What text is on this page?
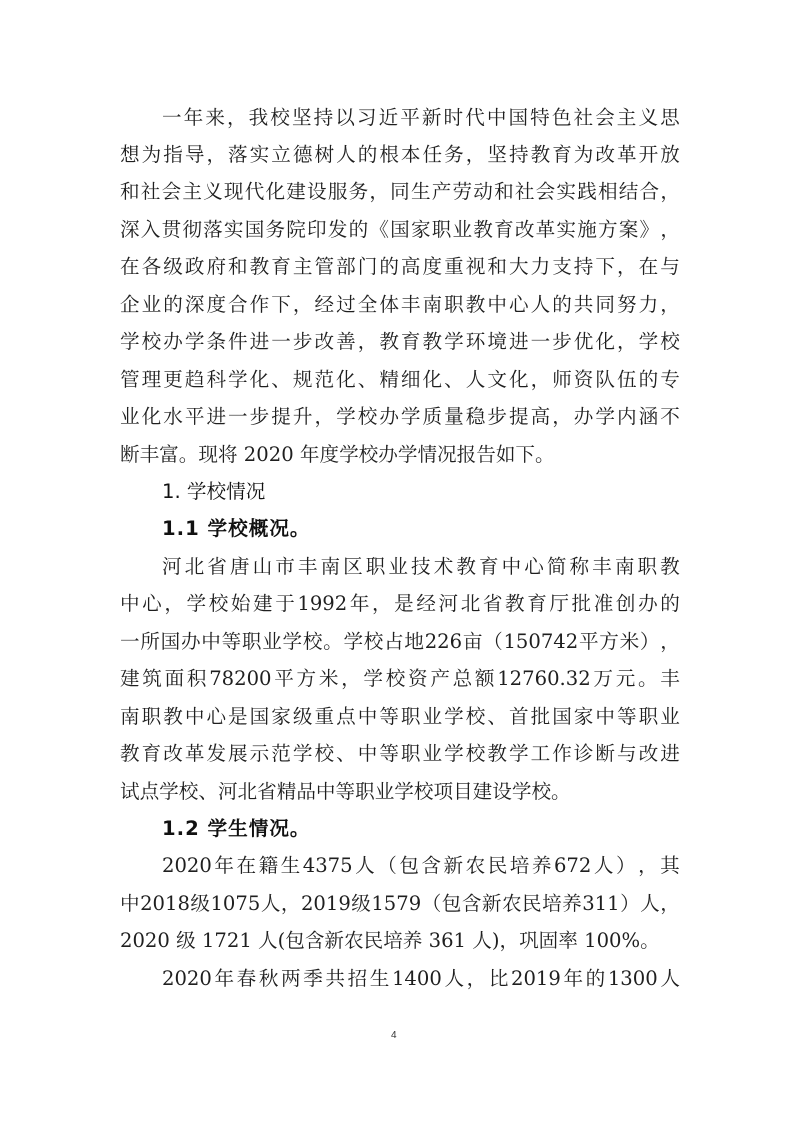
一 年 来 ， 我 校 坚 持 以 习 近 平 新 时 代 中 国 特 色 社 会 主 义 思
想 为 指 导 ， 落 实 立 德 树 人 的 根 本 任 务 ， 坚 持 教 育 为 改 革 开 放
和 社 会 主 义 现 代 化 建 设 服 务 ， 同 生 产 劳 动 和 社 会 实 践 相 结 合 ，
深 入 贯 彻 落 实 国 务 院 印 发 的 《 国 家 职 业 教 育 改 革 实 施 方 案 》 ，
在 各 级 政 府 和 教 育 主 管 部 门 的 高 度 重 视 和 大 力 支 持 下 ， 在 与
企 业 的 深 度 合 作 下 ， 经 过 全 体 丰 南 职 教 中 心 人 的 共 同 努 力 ，
学 校 办 学 条 件 进 一 步 改 善 ， 教 育 教 学 环 境 进 一 步 优 化 ， 学 校
管 理 更 趋 科 学 化 、 规 范 化 、 精 细 化 、 人 文 化 ， 师 资 队 伍 的 专
业 化 水 平 进 一 步 提 升 ， 学 校 办 学 质 量 稳 步 提 高 ， 办 学 内 涵 不
断丰富。现将 2020 年度学校办学情况报告如下。
1. 学校情况
1.1 学校概况。
河 北 省 唐 山 市 丰 南 区 职 业 技 术 教 育 中 心 简 称 丰 南 职 教
中 心 ， 学 校 始 建 于 1992 年 ， 是 经 河 北 省 教 育 厅 批 准 创 办 的
一 所 国 办 中 等 职 业 学 校 。 学 校 占 地 226 亩 （ 150742 平 方 米 ） ，
建 筑 面 积 78200 平 方 米 ， 学 校 资 产 总 额 12760.32 万 元 。 丰
南 职 教 中 心 是 国 家 级 重 点 中 等 职 业 学 校 、 首 批 国 家 中 等 职 业
教 育 改 革 发 展 示 范 学 校 、 中 等 职 业 学 校 教 学 工 作 诊 断 与 改 进
试点学校、河北省精品中等职业学校项目建设学校。
1.2 学生情况。
2020 年 在 籍 生 4375 人 （ 包 含 新 农 民 培 养 672 人 ） ， 其
中 2018 级 1075 人 ， 2019 级 1579 （ 包 含 新 农 民 培 养 311 ） 人 ，
2020 级 1721 人(包含新农民培养 361 人)，巩固率 100%。
2020 年 春 秋 两 季 共 招 生 1400 人 ， 比 2019 年 的 1300 人
4
